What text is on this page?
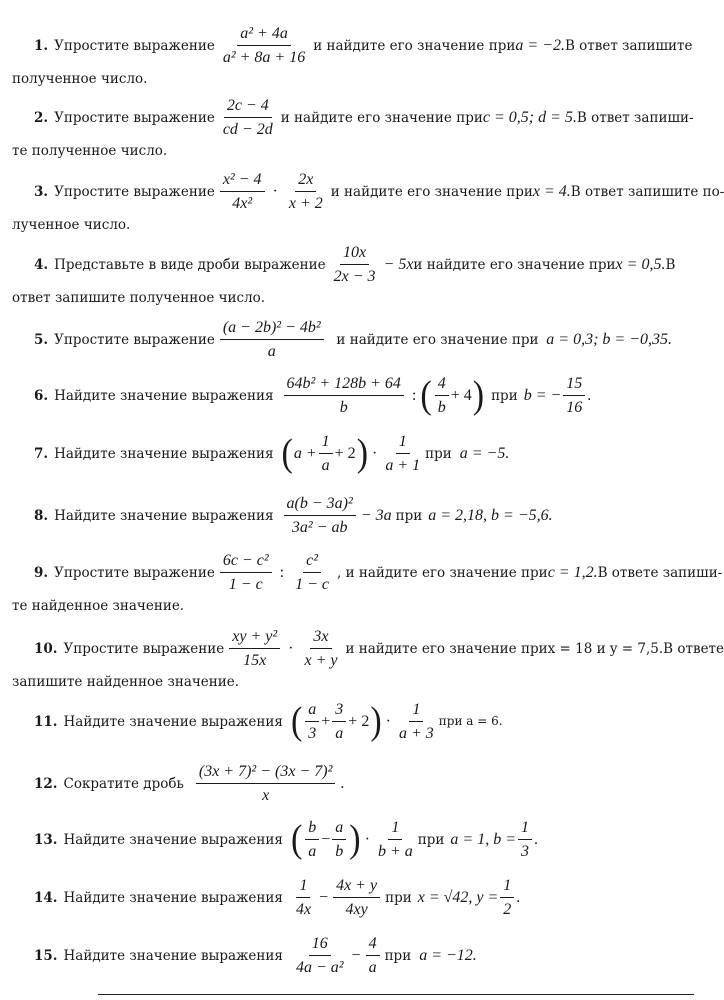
1. Упростите выражение $\frac{\text{a² + 4a}}{\text{a² + 8a + 16}}$ и найдите его значение при a = −2. В ответ запишите
полученное число.
2. Упростите выражение $\frac{2c - 4}{cd - 2d}$ и найдите его значение при c = 0,5; d = 5. В ответ запиши-
те полученное число.
3. Упростите выражение $\frac{\text{x² − 4}}{\text{4x²}} \cdot \frac{2x}{x + 2}$ и найдите его значение при x = 4. В ответ запишите по-
лученное число.
4. Представьте в виде дроби выражение $\frac{10x}{2x - 3} - 5x$ и найдите его значение при x = 0,5. В
ответ запишите полученное число.
5. Упростите выражение $\frac{\text{(a − 2b)² − 4b²}}{a}$ и найдите его значение при a = 0,3; b = −0,35.
6. Найдите значение выражения $\frac{\text{64b² + 128b + 64}}{b}$ : ( $\frac{4}{b} + 4$ ) при b = − $\frac{15}{16}$ .
7. Найдите значение выражения ( $a + \frac{1}{a} + 2$ ) · $\frac{1}{a + 1}$ при a = −5.
8. Найдите значение выражения $\frac{\text{a(b − 3a)²}}{\text{3a² − ab}} - 3a$ при a = 2,18, b = −5,6.
9. Упростите выражение $\frac{\text{6c − c²}}{1 - c}$ : $\frac{\text{c²}}{1 - c}$ , и найдите его значение при c = 1,2. В ответе запиши-
те найденное значение.
10. Упростите выражение $\frac{\text{xy + y²}}{15x} \cdot \frac{3x}{x + y}$ и найдите его значение при x = 18 и y = 7,5. В ответе
запишите найденное значение.
11. Найдите значение выражения ( $\frac{a}{3} + \frac{3}{a} + 2$ ) · $\frac{1}{a + 3}$ при a = 6.
12. Сократите дробь $\frac{\text{(3x + 7)² − (3x − 7)²}}{x}$ .
13. Найдите значение выражения ( $\frac{b}{a} - \frac{a}{b}$ ) · $\frac{1}{b + a}$ при a = 1, $b = \frac{1}{3}$ .
14. Найдите значение выражения $\frac{1}{4x} - \frac{4x + y}{4xy}$ при x = √42, $y = \frac{1}{2}$ .
15. Найдите значение выражения $\frac{16}{\text{4a − a²}} - \frac{4}{a}$ при a = −12.
